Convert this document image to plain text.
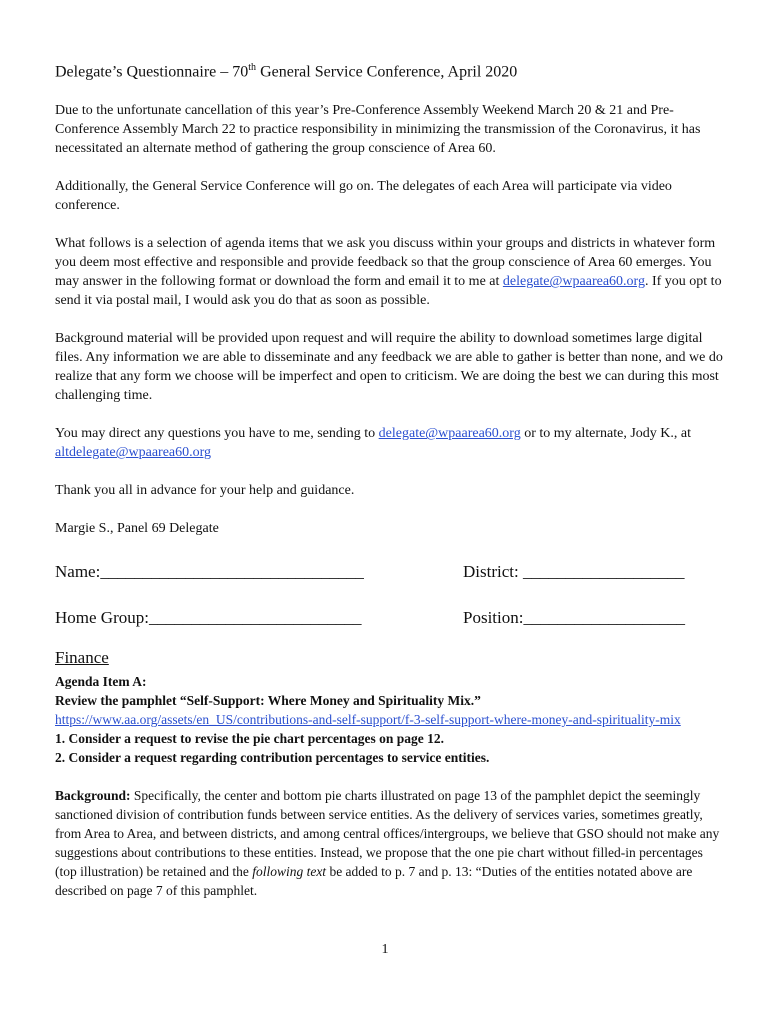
Delegate’s Questionnaire – 70th General Service Conference, April 2020

Due to the unfortunate cancellation of this year’s Pre-Conference Assembly Weekend March 20 & 21 and Pre-Conference Assembly March 22 to practice responsibility in minimizing the transmission of the Coronavirus, it has necessitated an alternate method of gathering the group conscience of Area 60.

Additionally, the General Service Conference will go on. The delegates of each Area will participate via video conference.

What follows is a selection of agenda items that we ask you discuss within your groups and districts in whatever form you deem most effective and responsible and provide feedback so that the group conscience of Area 60 emerges. You may answer in the following format or download the form and email it to me at delegate@wpaarea60.org. If you opt to send it via postal mail, I would ask you do that as soon as possible.

Background material will be provided upon request and will require the ability to download sometimes large digital files. Any information we are able to disseminate and any feedback we are able to gather is better than none, and we do realize that any form we choose will be imperfect and open to criticism. We are doing the best we can during this most challenging time.

You may direct any questions you have to me, sending to delegate@wpaarea60.org or to my alternate, Jody K., at altdelegate@wpaarea60.org

Thank you all in advance for your help and guidance.

Margie S., Panel 69 Delegate

Name:_______________________________	District: ___________________
Home Group:_________________________	Position:___________________
Finance
Agenda Item A:
Review the pamphlet “Self-Support: Where Money and Spirituality Mix.”
https://www.aa.org/assets/en_US/contributions-and-self-support/f-3-self-support-where-money-and-spirituality-mix
1. Consider a request to revise the pie chart percentages on page 12.
2. Consider a request regarding contribution percentages to service entities.
Background: Specifically, the center and bottom pie charts illustrated on page 13 of the pamphlet depict the seemingly sanctioned division of contribution funds between service entities. As the delivery of services varies, sometimes greatly, from Area to Area, and between districts, and among central offices/intergroups, we believe that GSO should not make any suggestions about contributions to these entities. Instead, we propose that the one pie chart without filled-in percentages (top illustration) be retained and the following text be added to p. 7 and p. 13: “Duties of the entities notated above are described on page 7 of this pamphlet.
1
